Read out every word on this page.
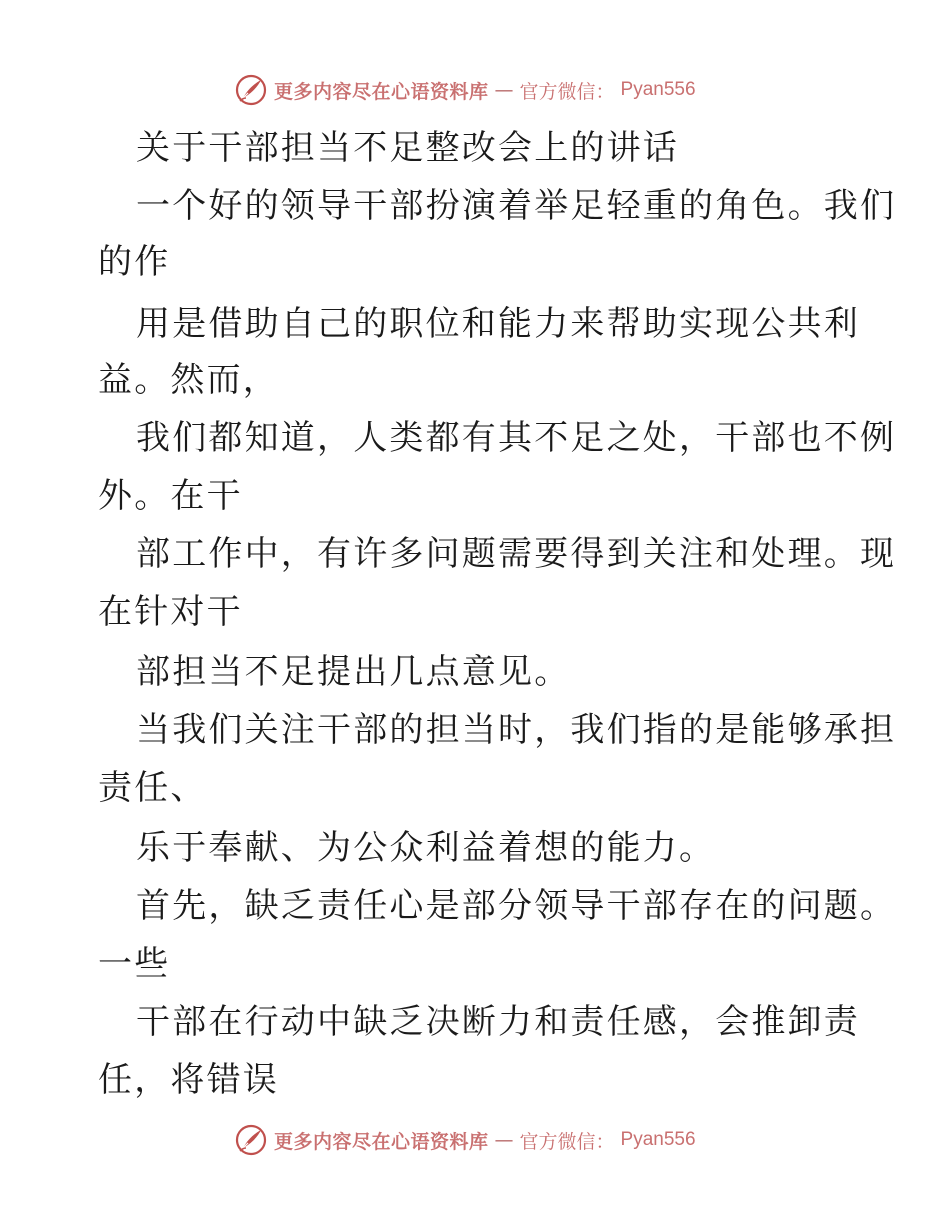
更多内容尽在心语资料库 — 官方微信： Pyan556
关于干部担当不足整改会上的讲话
一个好的领导干部扮演着举足轻重的角色。我们
的作
用是借助自己的职位和能力来帮助实现公共利
益。然而，
我们都知道，人类都有其不足之处，干部也不例
外。在干
部工作中，有许多问题需要得到关注和处理。现
在针对干
部担当不足提出几点意见。
当我们关注干部的担当时，我们指的是能够承担
责任、
乐于奉献、为公众利益着想的能力。
首先，缺乏责任心是部分领导干部存在的问题。
一些
干部在行动中缺乏决断力和责任感，会推卸责
任，将错误
更多内容尽在心语资料库 — 官方微信： Pyan556
